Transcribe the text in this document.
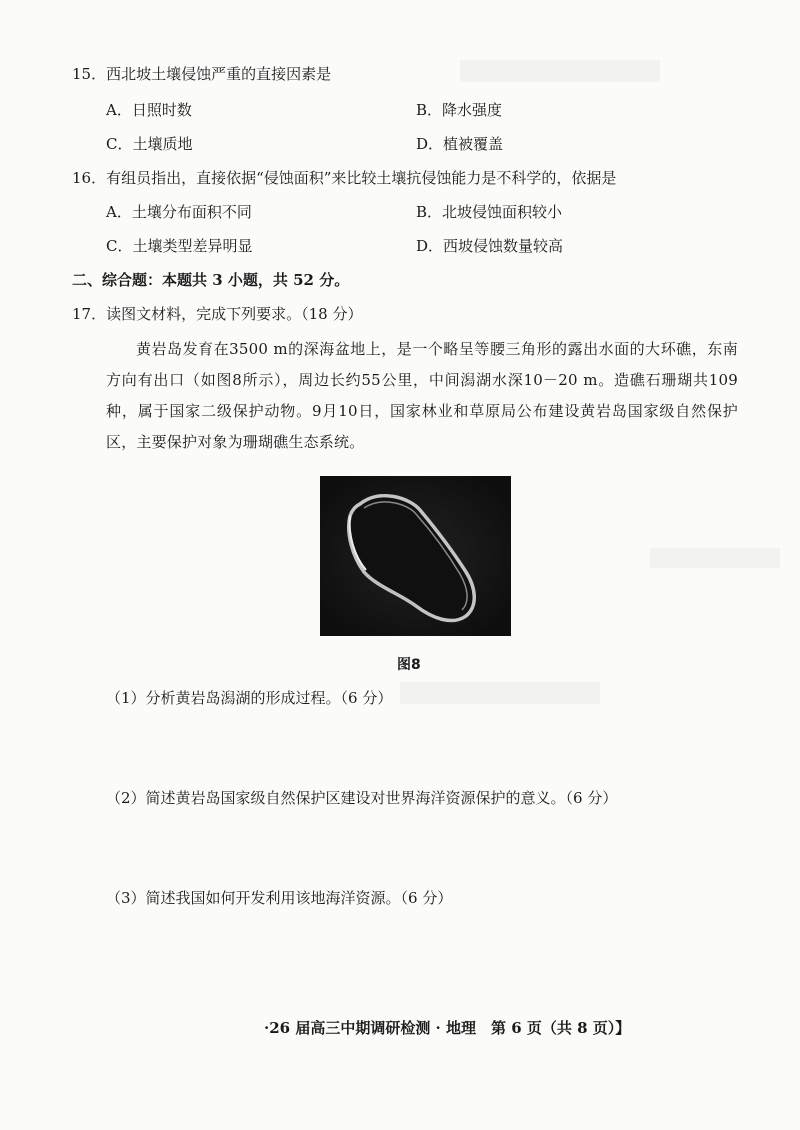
15．西北坡土壤侵蚀严重的直接因素是
A．日照时数	B．降水强度
C．土壤质地	D．植被覆盖
16．有组员指出，直接依据“侵蚀面积”来比较土壤抗侵蚀能力是不科学的，依据是
A．土壤分布面积不同	B．北坡侵蚀面积较小
C．土壤类型差异明显	D．西坡侵蚀数量较高
二、综合题：本题共 3 小题，共 52 分。
17．读图文材料，完成下列要求。（18 分）
黄岩岛发育在3500 m的深海盆地上，是一个略呈等腰三角形的露出水面的大环礁，东南方向有出口（如图8所示），周边长约55公里，中间潟湖水深10－20 m。造礁石珊瑚共109种，属于国家二级保护动物。9月10日，国家林业和草原局公布建设黄岩岛国家级自然保护区，主要保护对象为珊瑚礁生态系统。
图8
（1）分析黄岩岛潟湖的形成过程。（6 分）
（2）简述黄岩岛国家级自然保护区建设对世界海洋资源保护的意义。（6 分）
（3）简述我国如何开发利用该地海洋资源。（6 分）
·26 届高三中期调研检测 · 地理　第 6 页（共 8 页）】
